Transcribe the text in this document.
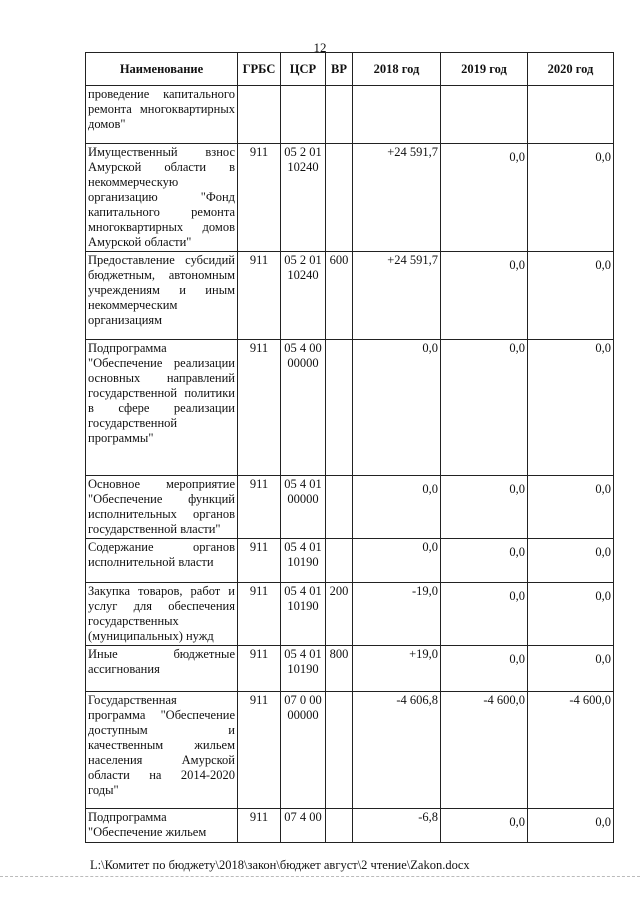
12
Наименование	ГРБС	ЦСР	ВР	2018 год	2019 год	2020 год
проведение капитального ремонта многоквартирных домов"						
Имущественный взнос Амурской области в некоммерческую организацию "Фонд капитального ремонта многоквартирных домов Амурской области"	911	05 2 01 10240		+24 591,7	0,0	0,0
Предоставление субсидий бюджетным, автономным учреждениям и иным некоммерческим организациям	911	05 2 01 10240	600	+24 591,7	0,0	0,0
Подпрограмма "Обеспечение реализации основных направлений государственной политики в сфере реализации государственной программы"	911	05 4 00 00000		0,0	0,0	0,0
Основное мероприятие "Обеспечение функций исполнительных органов государственной власти"	911	05 4 01 00000		0,0	0,0	0,0
Содержание органов исполнительной власти	911	05 4 01 10190		0,0	0,0	0,0
Закупка товаров, работ и услуг для обеспечения государственных (муниципальных) нужд	911	05 4 01 10190	200	-19,0	0,0	0,0
Иные бюджетные ассигнования	911	05 4 01 10190	800	+19,0	0,0	0,0
Государственная программа "Обеспечение доступным и качественным жильем населения Амурской области на 2014-2020 годы"	911	07 0 00 00000		-4 606,8	-4 600,0	-4 600,0
Подпрограмма "Обеспечение жильем	911	07 4 00		-6,8	0,0	0,0
L:\Комитет по бюджету\2018\закон\бюджет август\2 чтение\Zakon.docx
